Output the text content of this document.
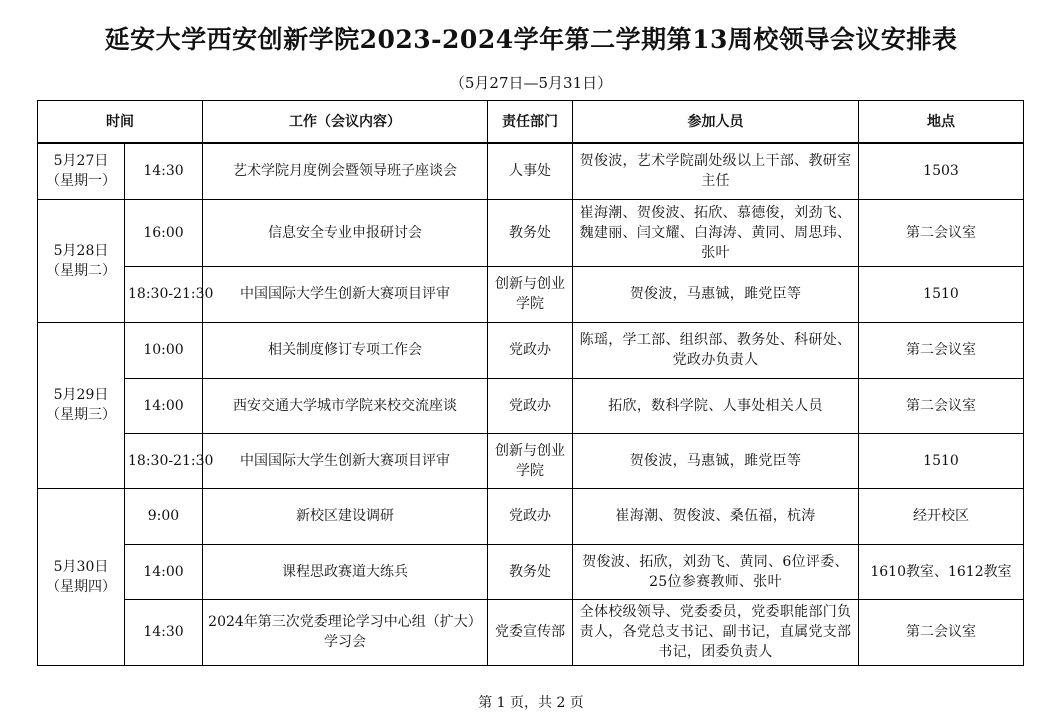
延安大学西安创新学院2023-2024学年第二学期第13周校领导会议安排表
（5月27日—5月31日）
时间		工作（会议内容）	责任部门	参加人员	地点

5月27日
（星期一）	14:30	艺术学院月度例会暨领导班子座谈会	人事处	贺俊波，艺术学院副处级以上干部、教研室主任	1503

5月28日
（星期二）	16:00	信息安全专业申报研讨会	教务处	崔海潮、贺俊波、拓欣、慕德俊，刘劲飞、魏建丽、闫文耀、白海涛、黄同、周思玮、张叶	第二会议室
	18:30-21:30	中国国际大学生创新大赛项目评审	创新与创业学院	贺俊波，马惠铖，雎党臣等	1510

5月29日
（星期三）	10:00	相关制度修订专项工作会	党政办	陈瑶，学工部、组织部、教务处、科研处、党政办负责人	第二会议室
	14:00	西安交通大学城市学院来校交流座谈	党政办	拓欣，数科学院、人事处相关人员	第二会议室
	18:30-21:30	中国国际大学生创新大赛项目评审	创新与创业学院	贺俊波，马惠铖，雎党臣等	1510

5月30日
（星期四）	9:00	新校区建设调研	党政办	崔海潮、贺俊波、桑伍福，杭涛	经开校区
	14:00	课程思政赛道大练兵	教务处	贺俊波、拓欣，刘劲飞、黄同、6位评委、25位参赛教师、张叶	1610教室、1612教室
	14:30	2024年第三次党委理论学习中心组（扩大）学习会	党委宣传部	全体校级领导、党委委员，党委职能部门负责人，各党总支书记、副书记，直属党支部书记，团委负责人	第二会议室
第 1 页，共 2 页
